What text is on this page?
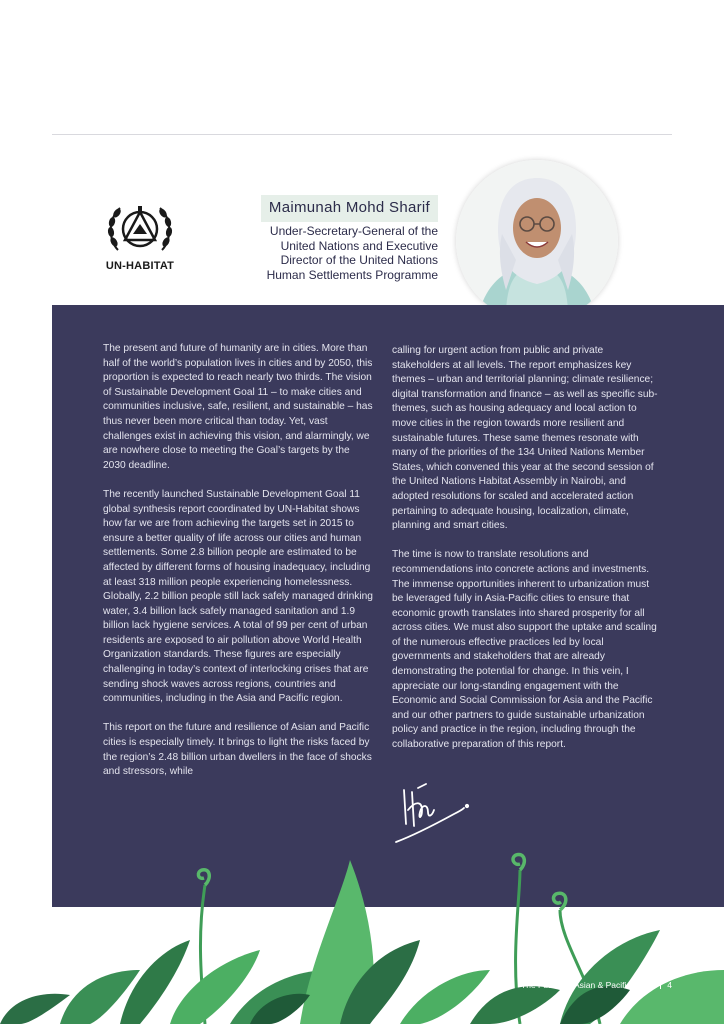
UN-HABITAT
Maimunah Mohd Sharif
Under-Secretary-General of the
United Nations and Executive
Director of the United Nations
Human Settlements Programme

The present and future of humanity are in cities. More than half of the world’s population lives in cities and by 2050, this proportion is expected to reach nearly two thirds. The vision of Sustainable Development Goal 11 – to make cities and communities inclusive, safe, resilient, and sustainable – has thus never been more critical than today. Yet, vast challenges exist in achieving this vision, and alarmingly, we are nowhere close to meeting the Goal’s targets by the 2030 deadline.

The recently launched Sustainable Development Goal 11 global synthesis report coordinated by UN-Habitat shows how far we are from achieving the targets set in 2015 to ensure a better quality of life across our cities and human settlements. Some 2.8 billion people are estimated to be affected by different forms of housing inadequacy, including at least 318 million people experiencing homelessness. Globally, 2.2 billion people still lack safely managed drinking water, 3.4 billion lack safely managed sanitation and 1.9 billion lack hygiene services. A total of 99 per cent of urban residents are exposed to air pollution above World Health Organization standards. These figures are especially challenging in today’s context of interlocking crises that are sending shock waves across regions, countries and communities, including in the Asia and Pacific region.

This report on the future and resilience of Asian and Pacific cities is especially timely. It brings to light the risks faced by the region’s 2.48 billion urban dwellers in the face of shocks and stressors, while

calling for urgent action from public and private stakeholders at all levels. The report emphasizes key themes – urban and territorial planning; climate resilience; digital transformation and finance – as well as specific sub-themes, such as housing adequacy and local action to move cities in the region towards more resilient and sustainable futures. These same themes resonate with many of the priorities of the 134 United Nations Member States, which convened this year at the second session of the United Nations Habitat Assembly in Nairobi, and adopted resolutions for scaled and accelerated action pertaining to adequate housing, localization, climate, planning and smart cities.

The time is now to translate resolutions and recommendations into concrete actions and investments. The immense opportunities inherent to urbanization must be leveraged fully in Asia-Pacific cities to ensure that economic growth translates into shared prosperity for all across cities. We must also support the uptake and scaling of the numerous effective practices led by local governments and stakeholders that are already demonstrating the potential for change. In this vein, I appreciate our long-standing engagement with the Economic and Social Commission for Asia and the Pacific and our other partners to guide sustainable urbanization policy and practice in the region, including through the collaborative preparation of this report.

The Future of Asian & Pacific Cities 4
